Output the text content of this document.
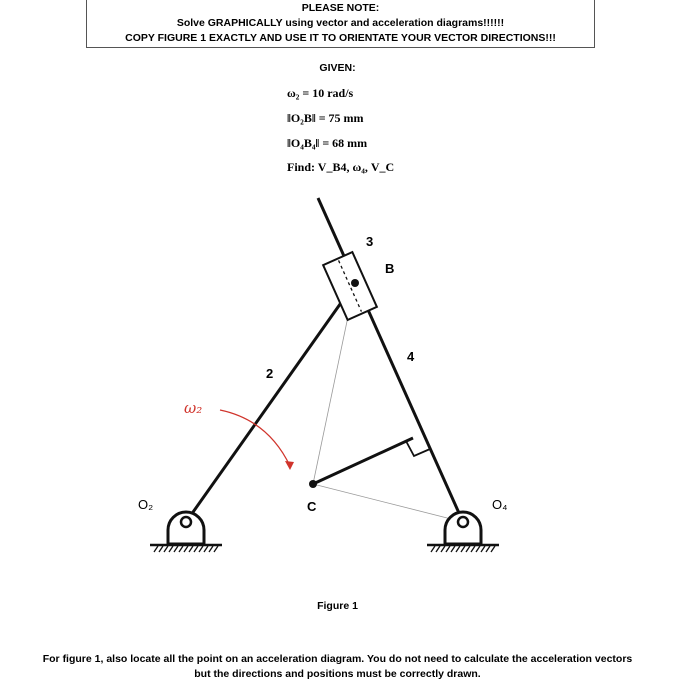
PLEASE NOTE:
Solve GRAPHICALLY using vector and acceleration diagrams!!!!!!
COPY FIGURE 1 EXACTLY AND USE IT TO ORIENTATE YOUR VECTOR DIRECTIONS!!!
GIVEN:
ω₂ = 10 rad/s
‖O₂B‖ = 75 mm
‖O₄B₄‖ = 68 mm
Find: V_B4, ω₄, V_C
3
B
4
2
ω₂
C
O₂	O₄
Figure 1
For figure 1, also locate all the point on an acceleration diagram. You do not need to calculate the acceleration vectors but the directions and positions must be correctly drawn.
